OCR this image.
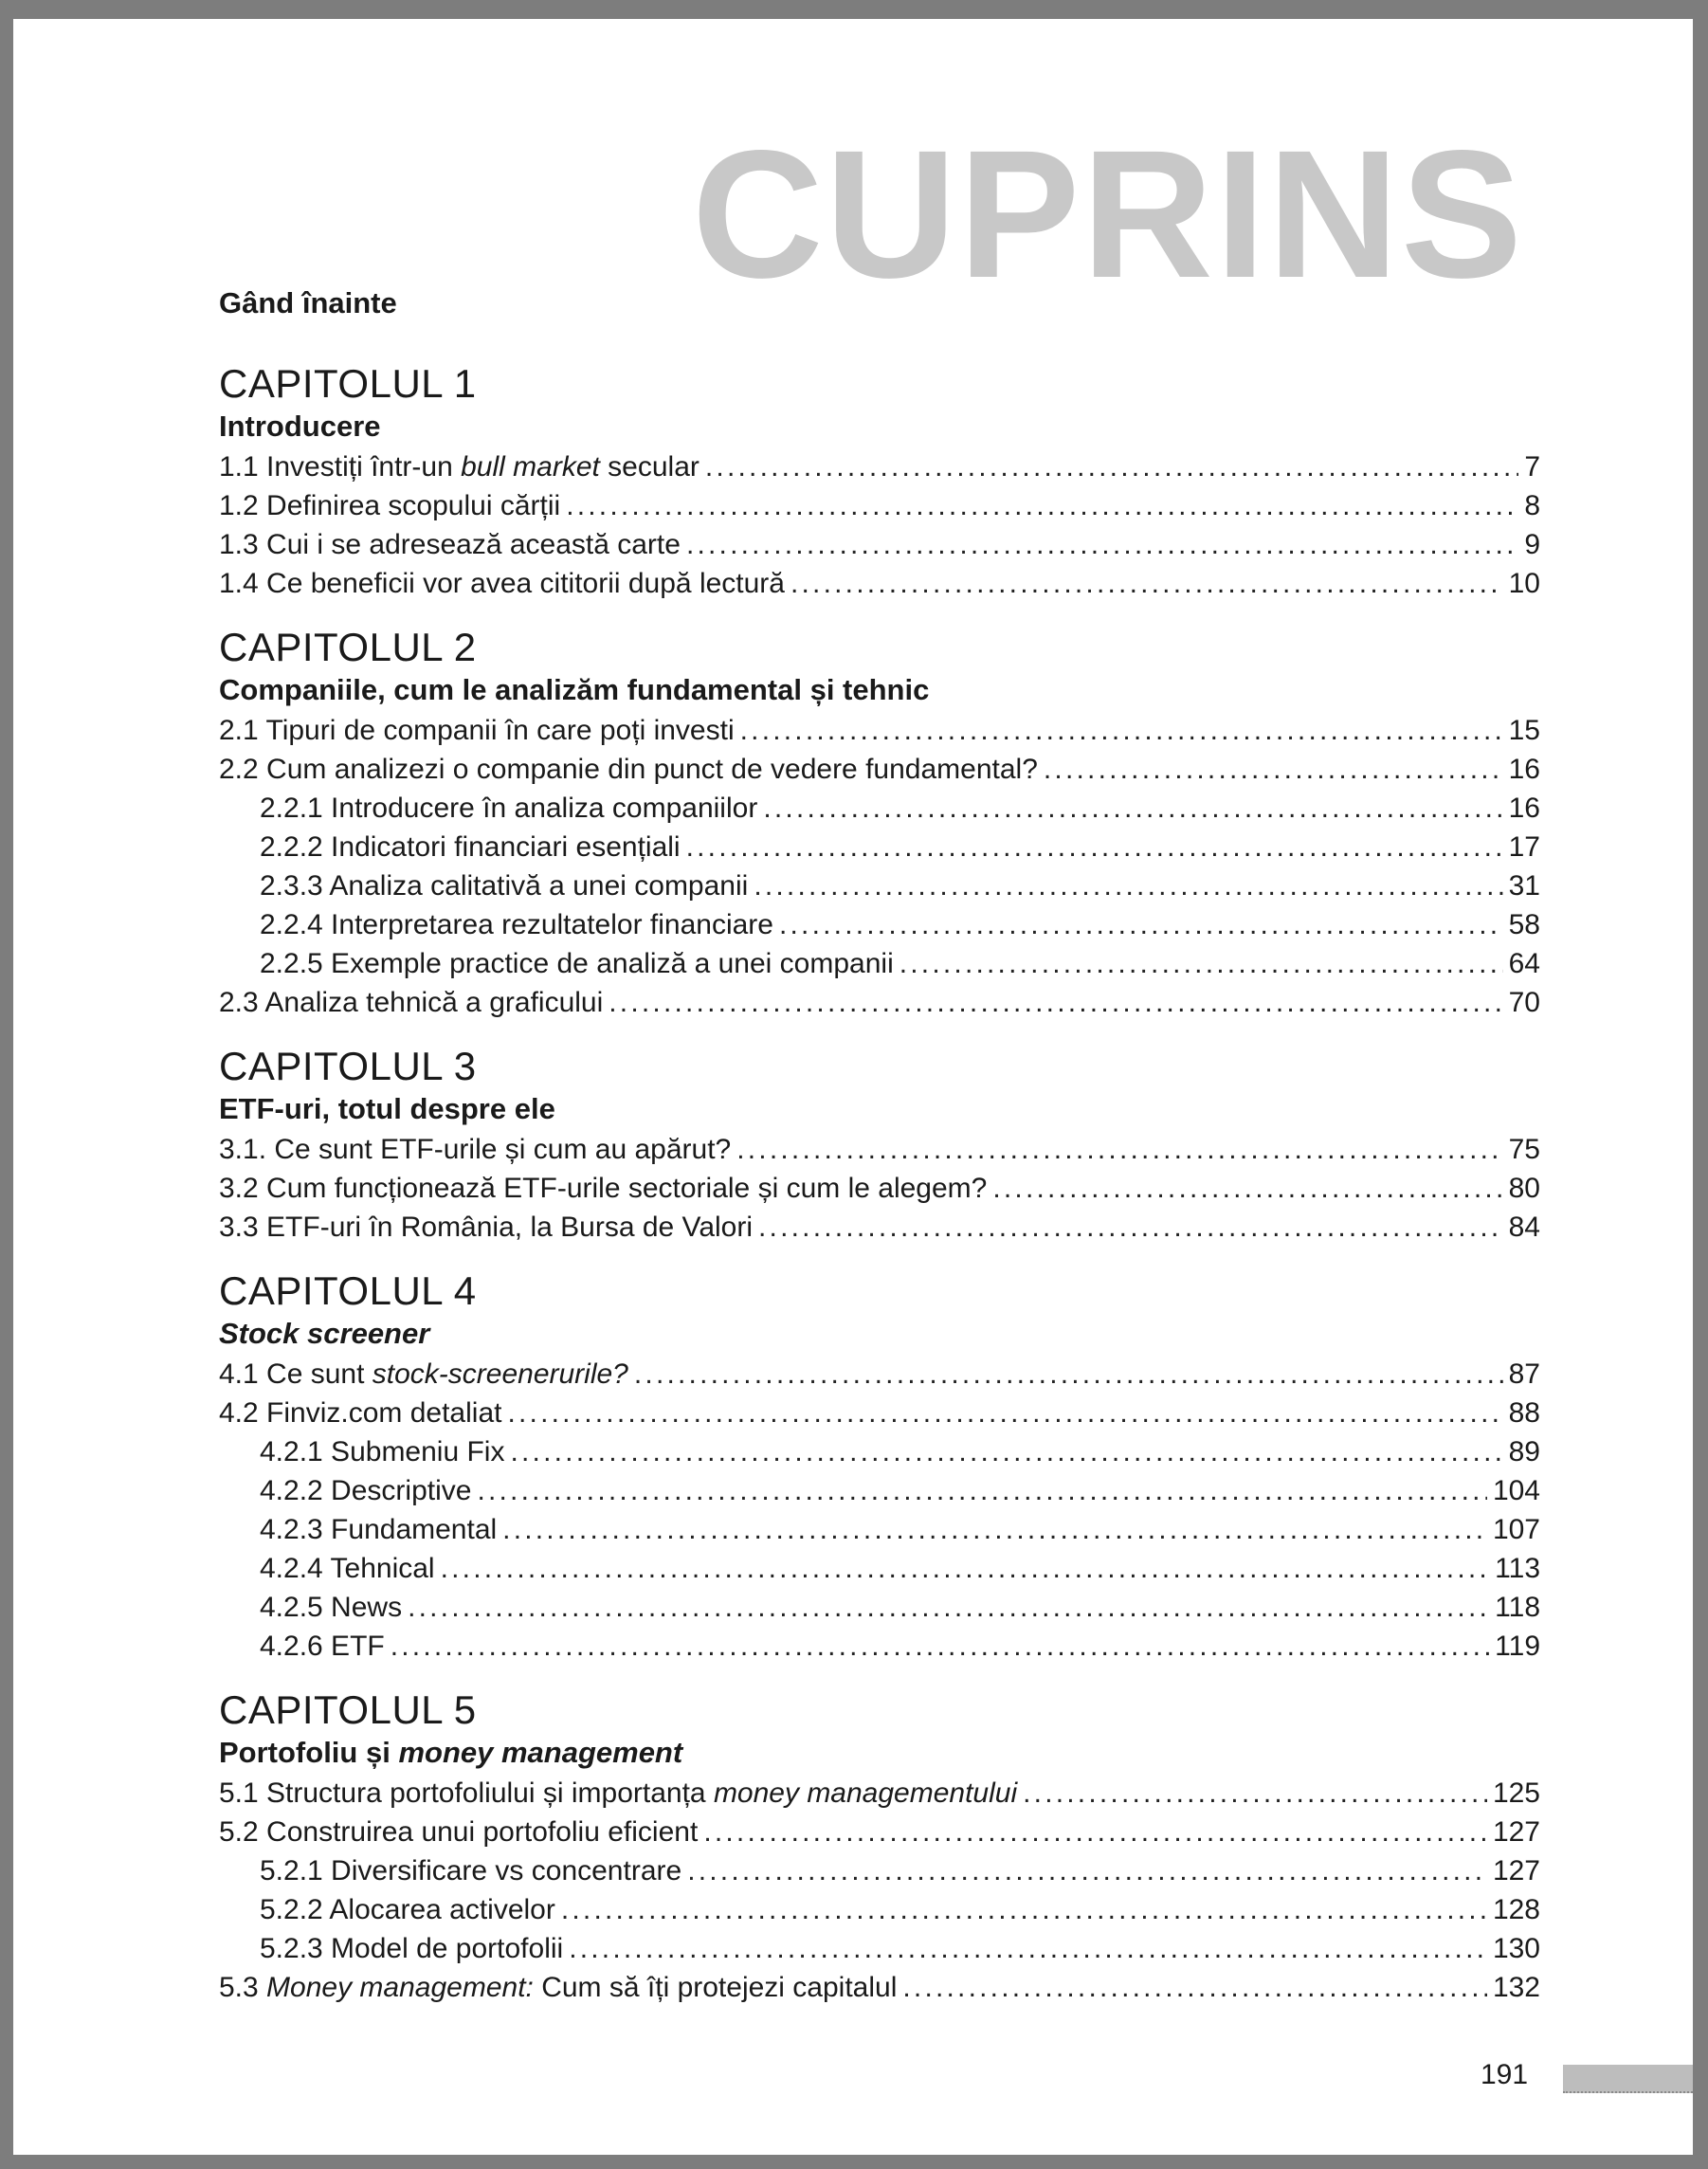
CUPRINS
Gând înainte
CAPITOLUL 1
Introducere
1.1 Investiți într-un bull market secular .....	7
1.2 Definirea scopului cărții .....	8
1.3 Cui i se adresează această carte .....	9
1.4 Ce beneficii vor avea cititorii după lectură .....	10
CAPITOLUL 2
Companiile, cum le analizăm fundamental și tehnic
2.1 Tipuri de companii în care poți investi .....	15
2.2 Cum analizezi o companie din punct de vedere fundamental? .....	16
2.2.1 Introducere în analiza companiilor .....	16
2.2.2 Indicatori financiari esențiali .....	17
2.3.3 Analiza calitativă a unei companii .....	31
2.2.4 Interpretarea rezultatelor financiare .....	58
2.2.5 Exemple practice de analiză a unei companii .....	64
2.3 Analiza tehnică a graficului .....	70
CAPITOLUL 3
ETF-uri, totul despre ele
3.1. Ce sunt ETF-urile și cum au apărut? .....	75
3.2 Cum funcționează ETF-urile sectoriale și cum le alegem? .....	80
3.3 ETF-uri în România, la Bursa de Valori .....	84
CAPITOLUL 4
Stock screener
4.1 Ce sunt stock-screenerurile? .....	87
4.2 Finviz.com detaliat .....	88
4.2.1 Submeniu Fix .....	89
4.2.2 Descriptive .....	104
4.2.3 Fundamental .....	107
4.2.4 Tehnical .....	113
4.2.5 News .....	118
4.2.6 ETF .....	119
CAPITOLUL 5
Portofoliu și money management
5.1 Structura portofoliului și importanța money managementului .....	125
5.2 Construirea unui portofoliu eficient .....	127
5.2.1 Diversificare vs concentrare .....	127
5.2.2 Alocarea activelor .....	128
5.2.3 Model de portofolii .....	130
5.3 Money management: Cum să îți protejezi capitalul .....	132
191
